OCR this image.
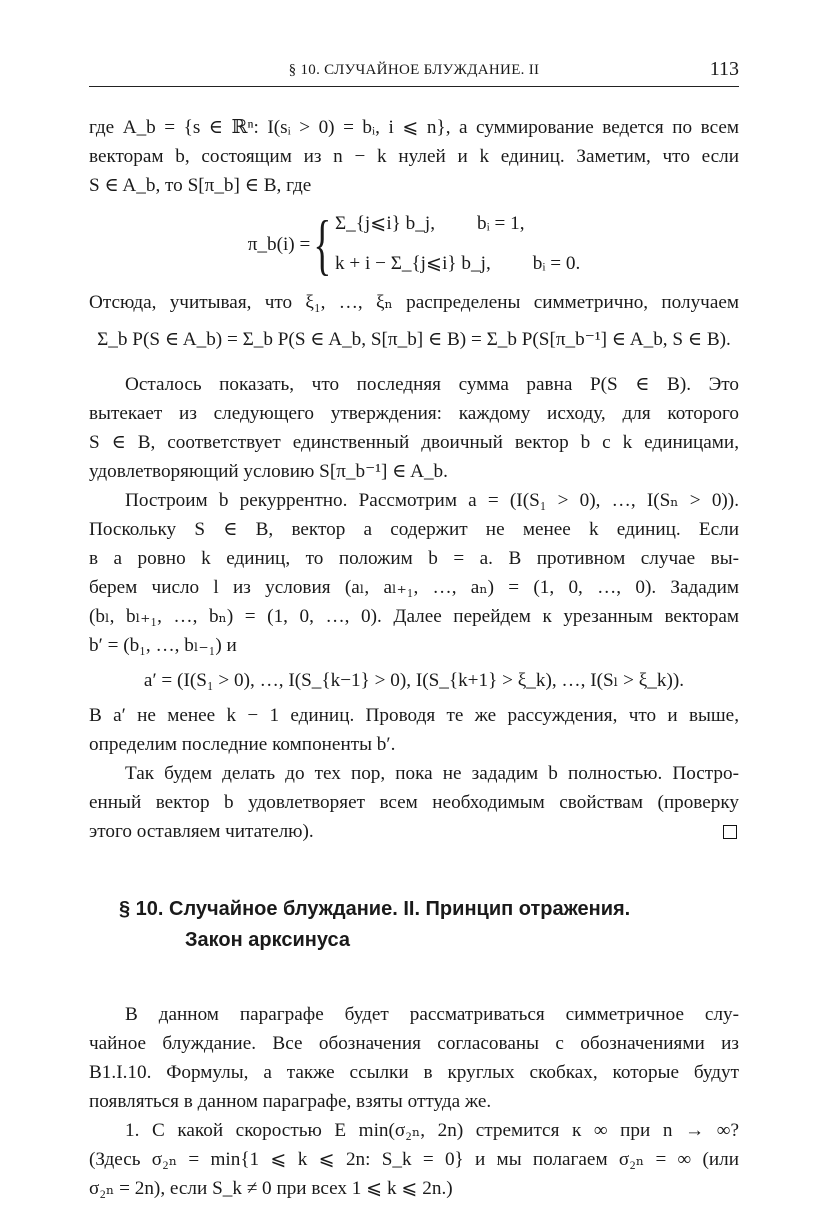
§ 10. СЛУЧАЙНОЕ БЛУЖДАНИЕ. II	113

где A_b = {s ∈ ℝⁿ: I(sᵢ > 0) = bᵢ, i ⩽ n}, а суммирование ведется по всем
векторам b, состоящим из n − k нулей и k единиц. Заметим, что если
S ∈ A_b, то S[π_b] ∈ B, где

π_b(i) = { Σ_{j⩽i} b_j, bᵢ = 1,
k + i − Σ_{j⩽i} b_j, bᵢ = 0.

Отсюда, учитывая, что ξ₁, …, ξₙ распределены симметрично, получаем

Σ_b P(S ∈ A_b) = Σ_b P(S ∈ A_b, S[π_b] ∈ B) = Σ_b P(S[π_b⁻¹] ∈ A_b, S ∈ B).

Осталось показать, что последняя сумма равна P(S ∈ B). Это
вытекает из следующего утверждения: каждому исходу, для которого
S ∈ B, соответствует единственный двоичный вектор b с k единицами,
удовлетворяющий условию S[π_b⁻¹] ∈ A_b.

Построим b рекуррентно. Рассмотрим a = (I(S₁ > 0), …, I(Sₙ > 0)).
Поскольку S ∈ B, вектор a содержит не менее k единиц. Если
в a ровно k единиц, то положим b = a. В противном случае вы-
берем число l из условия (aₗ, aₗ₊₁, …, aₙ) = (1, 0, …, 0). Зададим
(bₗ, bₗ₊₁, …, bₙ) = (1, 0, …, 0). Далее перейдем к урезанным векторам
b′ = (b₁, …, bₗ₋₁) и

a′ = (I(S₁ > 0), …, I(S_{k−1} > 0), I(S_{k+1} > ξ_k), …, I(Sₗ > ξ_k)).

В a′ не менее k − 1 единиц. Проводя те же рассуждения, что и выше,
определим последние компоненты b′.

Так будем делать до тех пор, пока не зададим b полностью. Постро-
енный вектор b удовлетворяет всем необходимым свойствам (проверку

этого оставляем читателю).
§ 10. Случайное блуждание. II. Принцип отражения.
Закон арксинуса

В данном параграфе будет рассматриваться симметричное слу-
чайное блуждание. Все обозначения согласованы с обозначениями из
B1.I.10. Формулы, а также ссылки в круглых скобках, которые будут
появляться в данном параграфе, взяты оттуда же.

1. С какой скоростью E min(σ₂ₙ, 2n) стремится к ∞ при n → ∞?
(Здесь σ₂ₙ = min{1 ⩽ k ⩽ 2n: S_k = 0} и мы полагаем σ₂ₙ = ∞ (или
σ₂ₙ = 2n), если S_k ≠ 0 при всех 1 ⩽ k ⩽ 2n.)
